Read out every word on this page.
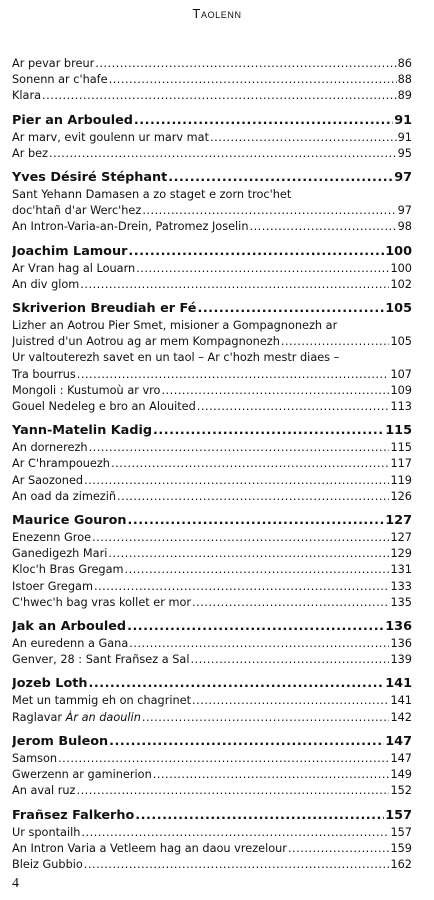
Taolenn
Ar pevar breur .....	86
Sonenn ar c'hafe .....	88
Klara .....	89
Pier an Arbouled .....	91
Ar marv, evit goulenn ur marv mat .....	91
Ar bez .....	95
Yves Désiré Stéphant .....	97
Sant Yehann Damasen a zo staget e zorn troc'het
doc'htañ d'ar Werc'hez .....	97
An Intron-Varia-an-Drein, Patromez Joselin .....	98
Joachim Lamour .....	100
Ar Vran hag al Louarn .....	100
An div glom .....	102
Skriverion Breudiah er Fé .....	105
Lizher an Aotrou Pier Smet, misioner a Gompagnonezh ar
Juistred d'un Aotrou ag ar mem Kompagnonezh .....	105
Ur valtouterezh savet en un taol – Ar c'hozh mestr diaes –
Tra bourrus .....	107
Mongoli : Kustumoù ar vro .....	109
Gouel Nedeleg e bro an Alouited .....	113
Yann-Matelin Kadig .....	115
An dornerezh .....	115
Ar C'hrampouezh .....	117
Ar Saozoned .....	119
An oad da zimeziñ .....	126
Maurice Gouron .....	127
Enezenn Groe .....	127
Ganedigezh Mari .....	129
Kloc'h Bras Gregam .....	131
Istoer Gregam .....	133
C'hwec'h bag vras kollet er mor .....	135
Jak an Arbouled .....	136
An euredenn a Gana .....	136
Genver, 28 : Sant Frañsez a Sal .....	139
Jozeb Loth .....	141
Met un tammig eh on chagrinet .....	141
Raglavar Àr an daoulin .....	142
Jerom Buleon .....	147
Samson .....	147
Gwerzenn ar gaminerion .....	149
An aval ruz .....	152
Frañsez Falkerho .....	157
Ur spontailh .....	157
An Intron Varia a Vetleem hag an daou vrezelour .....	159
Bleiz Gubbio .....	162
4
